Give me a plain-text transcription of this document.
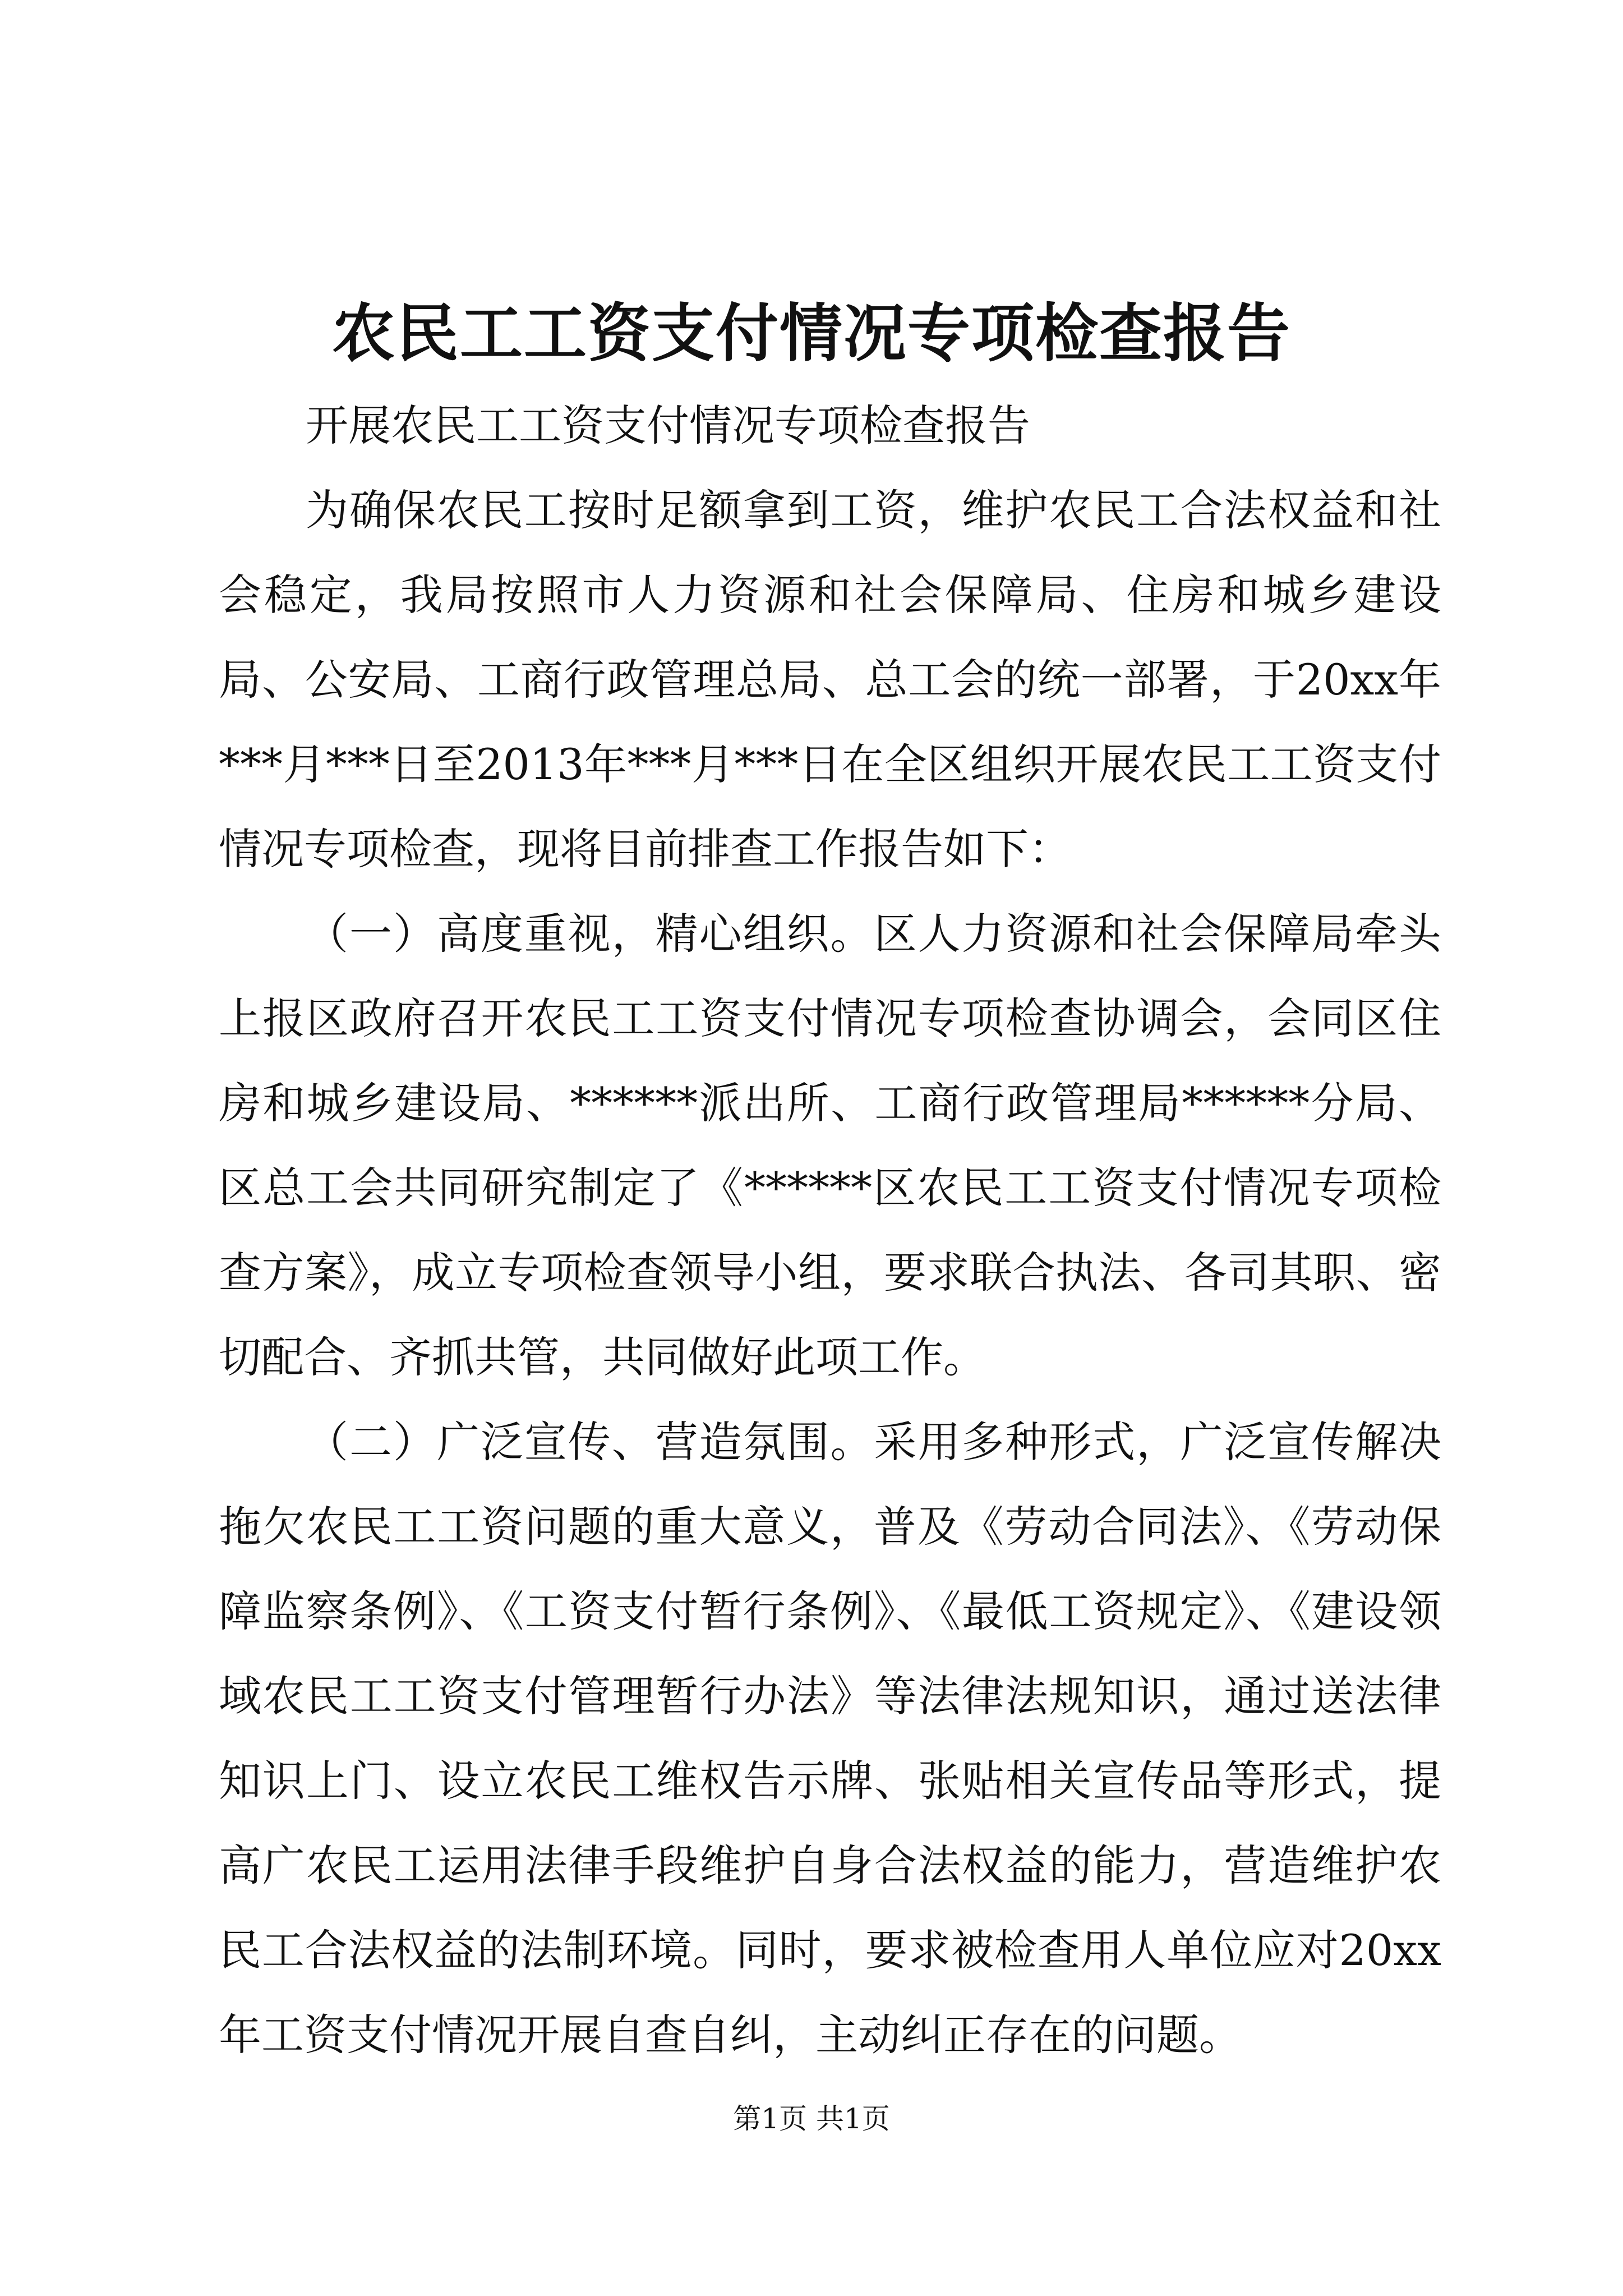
农民工工资支付情况专项检查报告

开展农民工工资支付情况专项检查报告

为确保农民工按时足额拿到工资，维护农民工合法权益和社会稳定，我局按照市人力资源和社会保障局、住房和城乡建设局、公安局、工商行政管理总局、总工会的统一部署，于20xx年***月***日至2013年***月***日在全区组织开展农民工工资支付情况专项检查，现将目前排查工作报告如下：

（一）高度重视，精心组织。区人力资源和社会保障局牵头上报区政府召开农民工工资支付情况专项检查协调会，会同区住房和城乡建设局、******派出所、工商行政管理局******分局、区总工会共同研究制定了《******区农民工工资支付情况专项检查方案》，成立专项检查领导小组，要求联合执法、各司其职、密切配合、齐抓共管，共同做好此项工作。

（二）广泛宣传、营造氛围。采用多种形式，广泛宣传解决拖欠农民工工资问题的重大意义，普及《劳动合同法》、《劳动保障监察条例》、《工资支付暂行条例》、《最低工资规定》、《建设领域农民工工资支付管理暂行办法》等法律法规知识，通过送法律知识上门、设立农民工维权告示牌、张贴相关宣传品等形式，提高广农民工运用法律手段维护自身合法权益的能力，营造维护农民工合法权益的法制环境。同时，要求被检查用人单位应对20xx年工资支付情况开展自查自纠，主动纠正存在的问题。

第1页 共1页
